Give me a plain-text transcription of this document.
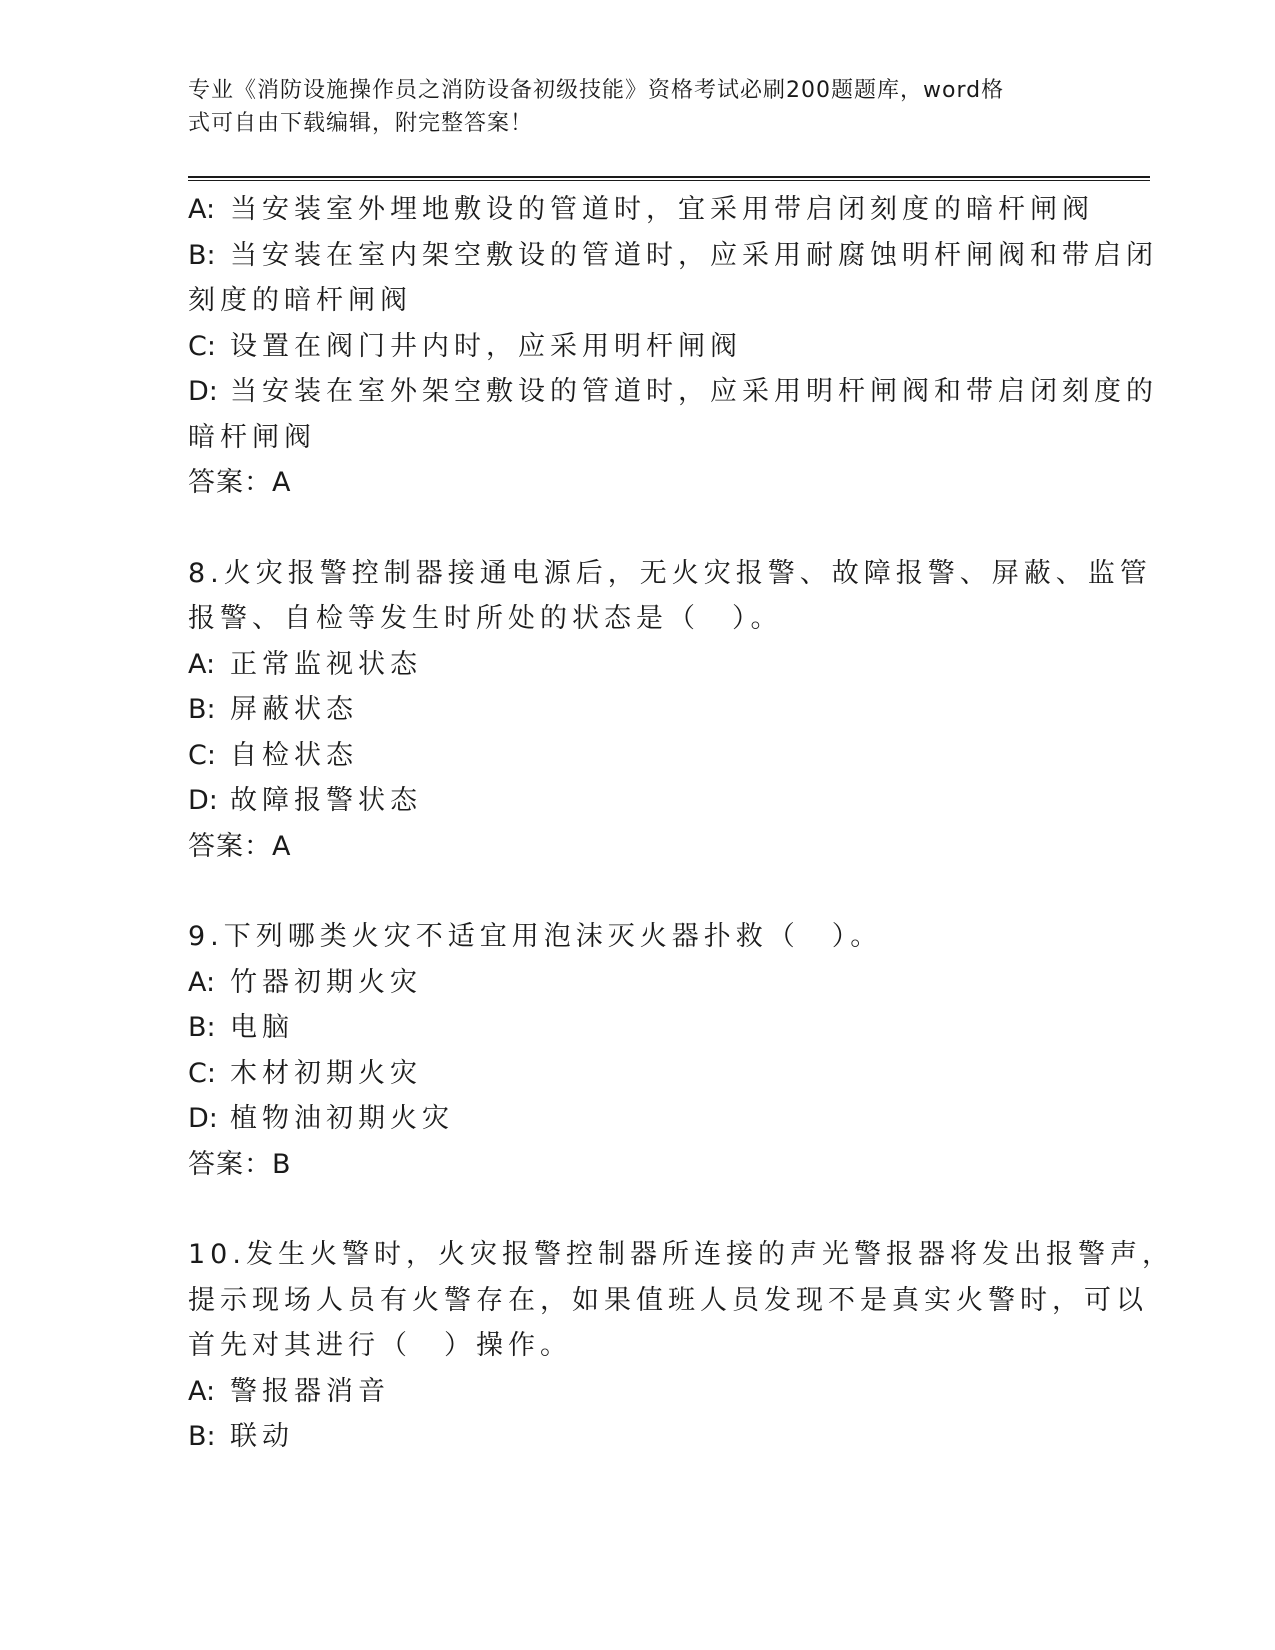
专业《消防设施操作员之消防设备初级技能》资格考试必刷200题题库，word格
式可自由下载编辑，附完整答案！
A: 当安装室外埋地敷设的管道时，宜采用带启闭刻度的暗杆闸阀
B: 当安装在室内架空敷设的管道时，应采用耐腐蚀明杆闸阀和带启闭
刻度的暗杆闸阀
C: 设置在阀门井内时，应采用明杆闸阀
D: 当安装在室外架空敷设的管道时，应采用明杆闸阀和带启闭刻度的
暗杆闸阀
答案：A
8.火灾报警控制器接通电源后，无火灾报警、故障报警、屏蔽、监管
报警、自检等发生时所处的状态是（　）。
A: 正常监视状态
B: 屏蔽状态
C: 自检状态
D: 故障报警状态
答案：A
9.下列哪类火灾不适宜用泡沫灭火器扑救（　）。
A: 竹器初期火灾
B: 电脑
C: 木材初期火灾
D: 植物油初期火灾
答案：B
10.发生火警时，火灾报警控制器所连接的声光警报器将发出报警声，
提示现场人员有火警存在，如果值班人员发现不是真实火警时，可以
首先对其进行（　）操作。
A: 警报器消音
B: 联动
